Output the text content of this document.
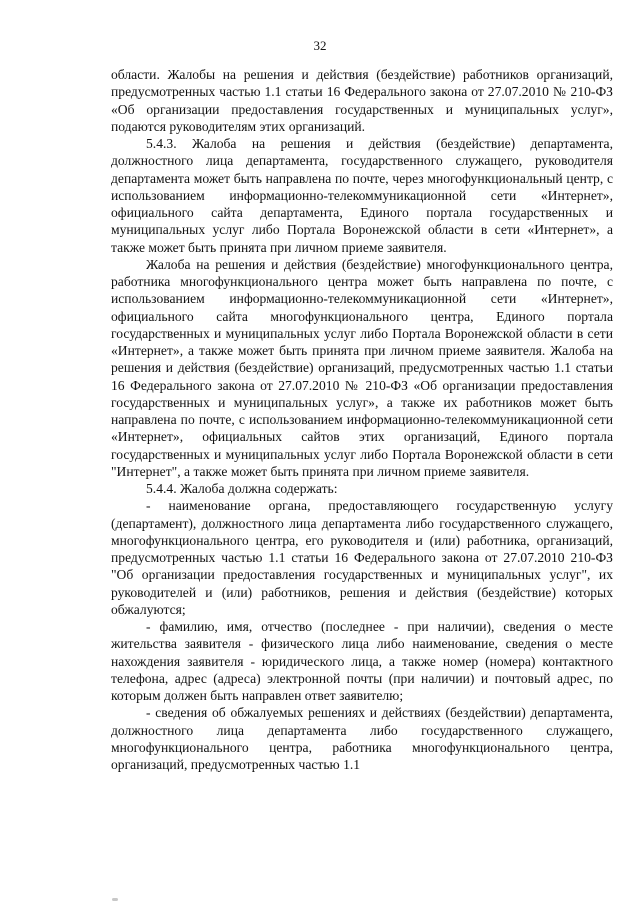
32

области. Жалобы на решения и действия (бездействие) работников организаций, предусмотренных частью 1.1 статьи 16 Федерального закона от 27.07.2010 № 210-ФЗ «Об организации предоставления государственных и муниципальных услуг», подаются руководителям этих организаций.

5.4.3. Жалоба на решения и действия (бездействие) департамента, должностного лица департамента, государственного служащего, руководителя департамента может быть направлена по почте, через многофункциональный центр, с использованием информационно-телекоммуникационной сети «Интернет», официального сайта департамента, Единого портала государственных и муниципальных услуг либо Портала Воронежской области в сети «Интернет», а также может быть принята при личном приеме заявителя.

Жалоба на решения и действия (бездействие) многофункционального центра, работника многофункционального центра может быть направлена по почте, с использованием информационно-телекоммуникационной сети «Интернет», официального сайта многофункционального центра, Единого портала государственных и муниципальных услуг либо Портала Воронежской области в сети «Интернет», а также может быть принята при личном приеме заявителя. Жалоба на решения и действия (бездействие) организаций, предусмотренных частью 1.1 статьи 16 Федерального закона от 27.07.2010 № 210-ФЗ «Об организации предоставления государственных и муниципальных услуг», а также их работников может быть направлена по почте, с использованием информационно-телекоммуникационной сети «Интернет», официальных сайтов этих организаций, Единого портала государственных и муниципальных услуг либо Портала Воронежской области в сети "Интернет", а также может быть принята при личном приеме заявителя.

5.4.4. Жалоба должна содержать:

- наименование органа, предоставляющего государственную услугу (департамент), должностного лица департамента либо государственного служащего, многофункционального центра, его руководителя и (или) работника, организаций, предусмотренных частью 1.1 статьи 16 Федерального закона от 27.07.2010 210-ФЗ "Об организации предоставления государственных и муниципальных услуг", их руководителей и (или) работников, решения и действия (бездействие) которых обжалуются;

- фамилию, имя, отчество (последнее - при наличии), сведения о месте жительства заявителя - физического лица либо наименование, сведения о месте нахождения заявителя - юридического лица, а также номер (номера) контактного телефона, адрес (адреса) электронной почты (при наличии) и почтовый адрес, по которым должен быть направлен ответ заявителю;

- сведения об обжалуемых решениях и действиях (бездействии) департамента, должностного лица департамента либо государственного служащего, многофункционального центра, работника многофункционального центра, организаций, предусмотренных частью 1.1
